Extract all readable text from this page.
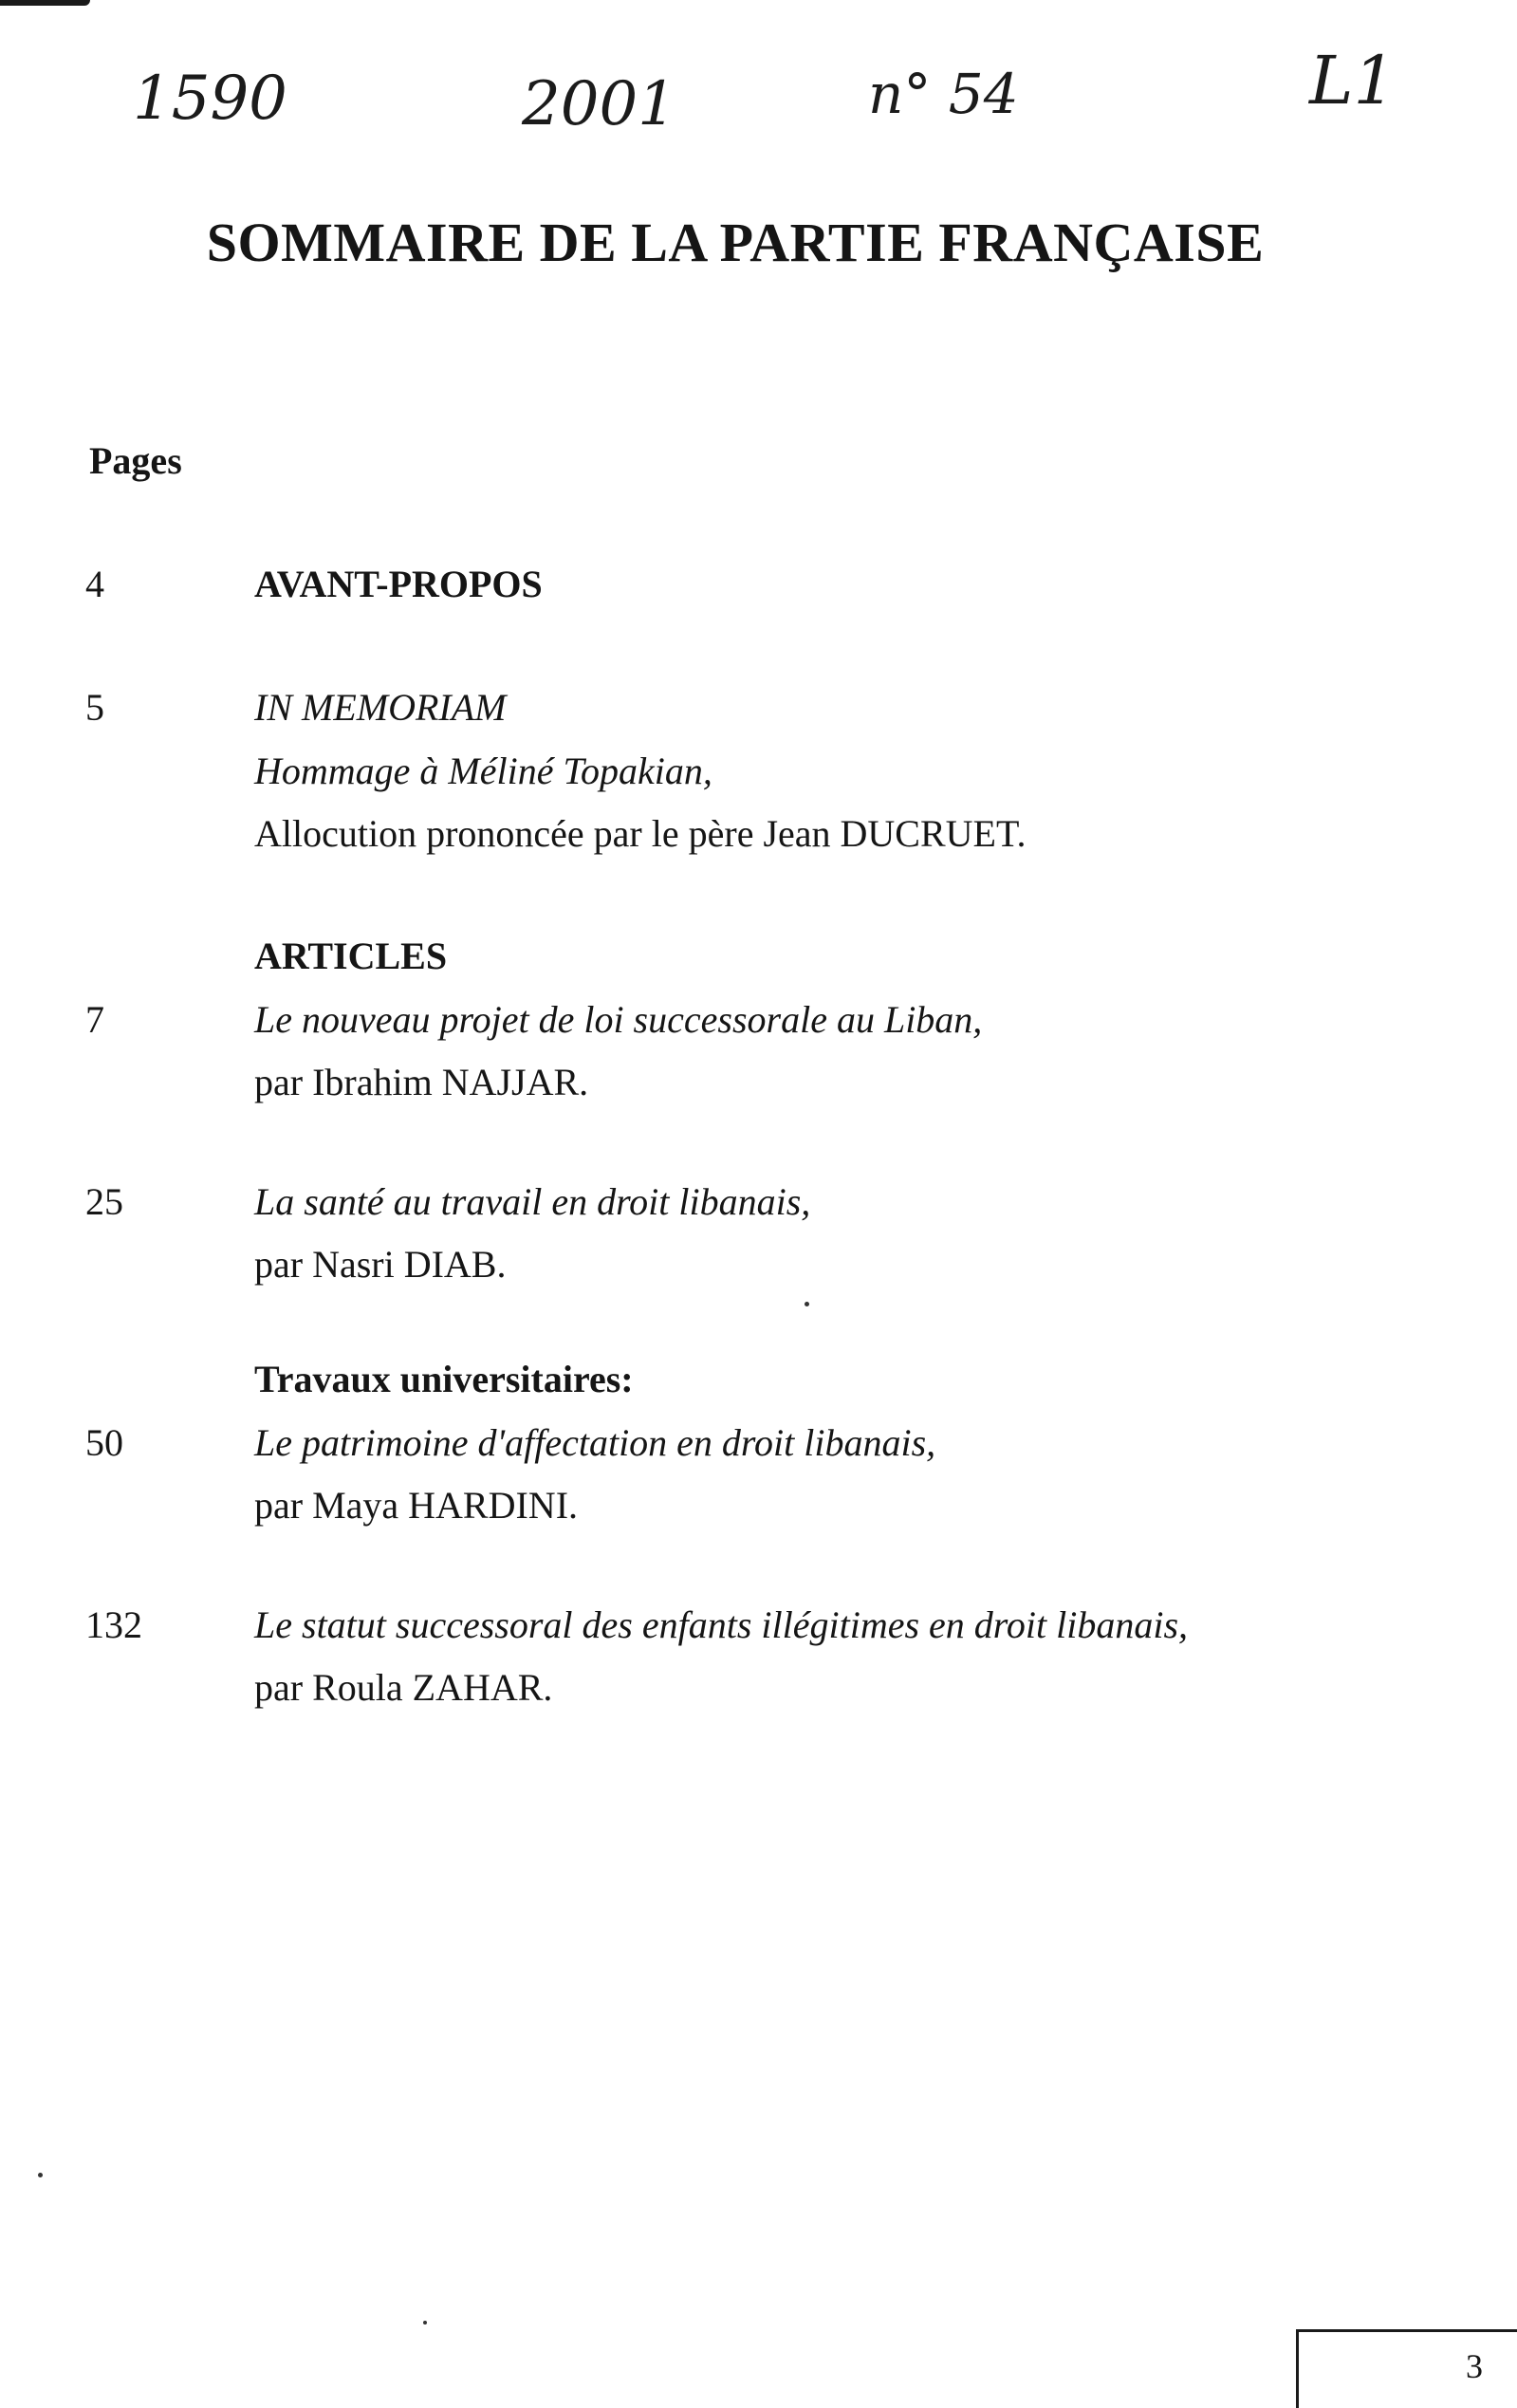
1590	2001	n° 54	L1
SOMMAIRE DE LA PARTIE FRANÇAISE

Pages

4	AVANT-PROPOS

5	IN MEMORIAM

Hommage à Méliné Topakian,

Allocution prononcée par le père Jean DUCRUET.

ARTICLES

7	Le nouveau projet de loi successorale au Liban,

par Ibrahim NAJJAR.

25	La santé au travail en droit libanais,

par Nasri DIAB.

Travaux universitaires:

50	Le patrimoine d'affectation en droit libanais,

par Maya HARDINI.

132	Le statut successoral des enfants illégitimes en droit libanais,

par Roula ZAHAR.

3
